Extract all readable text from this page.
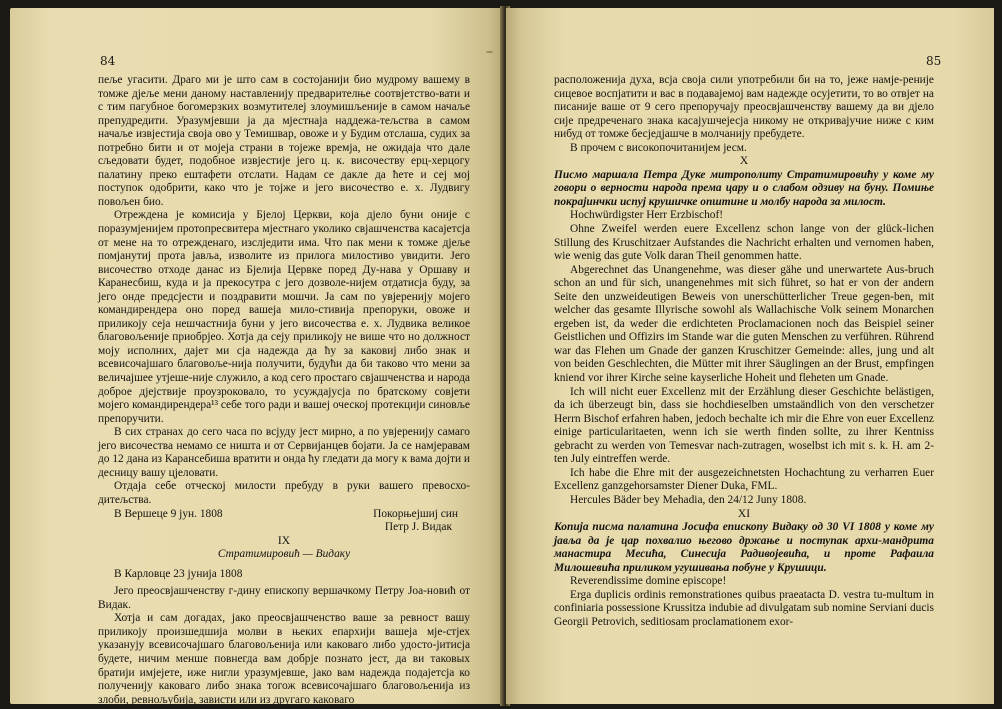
84
–

пеље угасити. Драго ми је што сам в состојанији био мудрому вашему в томже дјеље мени даному наставленију предварителње соотвјетство-вати и с тим пагубное богомерзких возмутителеј злоумишљеније в самом начаље препудредити. Уразумјевши ја да мјестнаја наддежа-тељства в самом начаље извјестија своја ово у Темишвар, овоже и у Будим отслаша, судих за потребно бити и от мојеја страни в тојеже времја, не ожидаја что дале сљедовати будет, подобное извјестије јего ц. к. височеству ерц-херцогу палатину преко ештафети отслати. Надам се дакле да ћете и сеј мој поступок одобрити, како что је тојже и јего височество е. х. Лудвигу повољен био.

Отреждена је комисија у Бјелој Церкви, која дјело буни оније с поразумјенијем протопресвитера мјестнаго уколико свјашченства касајетсја от мене на то отрежденаго, изслједити има. Что пак мени к томже дјеље помјанутиј прота јавља, изволите из прилога милостиво увидити. Јего височество отходе данас из Бјелија Цервке поред Ду-нава у Оршаву и Каранесбиш, куда и ја прекосутра с јего дозволе-нијем отдатисја буду, за јего онде предсјести и поздравити мошчи. Ја сам по увјеренију мојего командирендера оно поред вашеја мило-стивија препоруки, овоже и приликоју сеја нешчастнија буни у јего височества е. х. Лудвика великое благовољеније приобрјео. Хотја да сеју приликоју не више что но должност мојy исполних, дајет ми сја надежда да ћу за каковиј либо знак и всевисочајшаго благовоље-нија получити, будући да би таково что мени за величајшее утјеше-није служило, а код сего простаго свјашченства и народа доброе дјејствије проузроковало, то усуждајуcја по братскому совјети мојего командирендера¹³ себе того ради и вашеј оческој протекцији синовље препоручити.

В сих странах до сего часа по всјуду јест мирно, а по увјеренију самаго јего височества немамо се ништа и от Сервијанцев бојати. Ја се намјеравам до 12 дана из Карансебиша вратити и онда ћу гледати да могу к вама дојти и десницу вашу цјеловати.

Отдаја себе отческој милости пребуду в руки вашего превосхо-дитељства.

В Вершеце 9 јун. 1808	Покорњејшиј син

Петр Ј. Видак

IX

Стратимировић — Видаку

В Карловце 23 јунија 1808

Јего преосвјашченству г-дину епископу вершачкому Петру Јоа-новић от Видак.

Хотја и сам догадах, јако преосвјашченство ваше за ревност вашу приликоју произшедшија молви в њеких епархији вашеја мје-стјех указанују всевисочајшаго благовољенија или каковаго либо удосто-јитисја будете, ничим менше повнегда вам добрје познато јест, да ви таковых братији имјејете, иже нигли уразумјевше, јако вам надежда подајетсја ко полученију каковаго либо знака тогож всевисочајшаго благовољенија из злоби, ревнољубија, зависти или из другаго каковаго

85

расположенија духа, всја своја сили употребили би на то, јеже намје-реније сицевое воспјатити и вас в подавајемој вам надежде осујетити, то во отвјет на писаније ваше от 9 сего препоручају преосвјашченству вашему да ви дјело сије предреченаго знака касајушчејесја никому не откривајучие ниже с ким нибуд от томже бесједјашче в молчанију пребудете.

В прочем с високопочитанијем јесм.

X

Писмо маршала Петра Дуке митрополиту Стратимировићу у коме му говори о верности народа према цару и о слабом одзиву на буну. Помиње покрајинчки испуј крушичке општине и молбу народа за милост.

Hochwürdigster Herr Erzbischof!

Ohne Zweifel werden euere Excellenz schon lange von der glück-lichen Stillung des Kruschitzaer Aufstandes die Nachricht erhalten und vernomen haben, wie wenig das gute Volk daran Theil genommen hatte.

Abgerechnet das Unangenehme, was dieser gähe und unerwartete Aus-bruch schon an und für sich, unangenehmes mit sich führet, so hat er von der andern Seite den unzweideutigen Beweis von unerschütterlicher Treue gegen-ben, mit welcher das gesamte Illyrische sowohl als Wallachische Volk seinem Monarchen ergeben ist, da weder die erdichteten Proclamacionen noch das Beispiel seiner Geistlichen und Offizirs im Stande war die guten Menschen zu verführen. Rührend war das Flehen um Gnade der ganzen Kruschitzer Gemeinde: alles, jung und alt von beiden Geschlechten, die Mütter mit ihrer Säuglingen an der Brust, empfingen kniend vor ihrer Kirche seine kayserliche Hoheit und fleheten um Gnade.

Ich will nicht euer Excellenz mit der Erzählung dieser Geschichte belästigen, da ich überzeugt bin, dass sie hochdieselben umstaändlich von den verschetzer Herrn Bischof erfahren haben, jedoch bechalte ich mir die Ehre von euer Excellenz einige particularitaeten, wenn ich sie werth finden sollte, zu ihrer Kentniss gebracht zu werden von Temesvar nach-zutragen, woselbst ich mit s. k. H. am 2-ten July eintreffen werde.

Ich habe die Ehre mit der ausgezeichnetsten Hochachtung zu verharren Euer Excellenz ganzgehorsamster Diener Duka, FML.

Hercules Bäder bey Mehadia, den 24/12 Juny 1808.

XI

Копија писма палатина Јосифа епископу Видаку од 30 VI 1808 у коме му јавља да је цар похвалио његово држање и поступак архи-мандрита манастира Месића, Синесија Радивојевића, и проте Рафаила Милошевића приликом угушивања побуне у Крушици.

Reverendissime domine episcope!

Erga duplicis ordinis remonstrationes quibus praeatacta D. vestra tu-multum in confiniaria possessione Krussitza indubie ad divulgatam sub nomine Serviani ducis Georgii Petrovich, seditiosam proclamationem exor-
